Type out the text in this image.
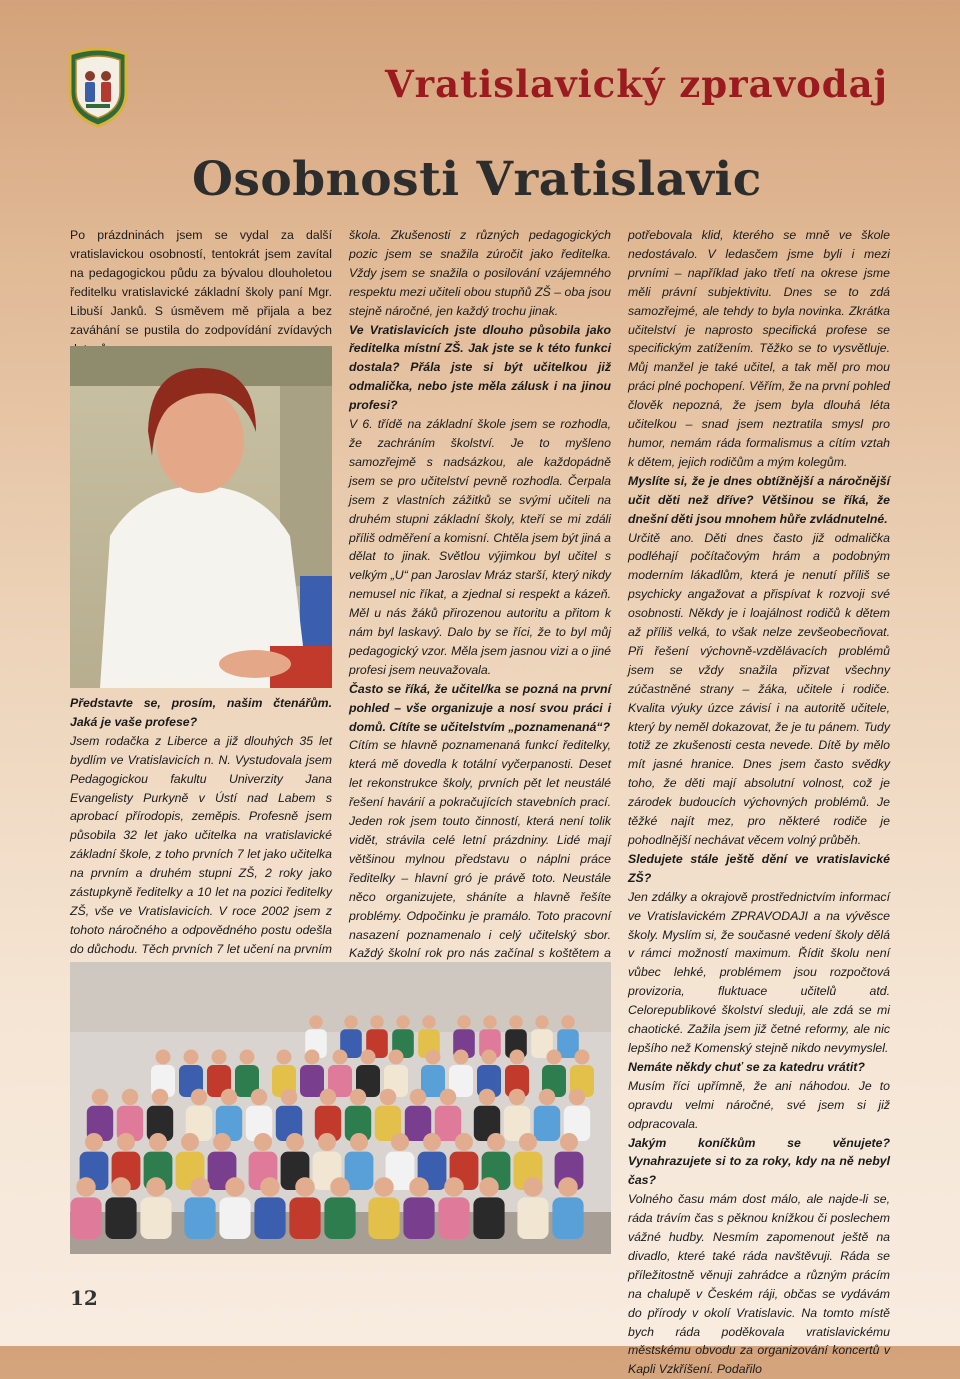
Vratislavický zpravodaj
Osobnosti Vratislavic
Po prázdninách jsem se vydal za další vratislavickou osobností, tentokrát jsem zavítal na pedagogickou půdu za bývalou dlouholetou ředitelku vratislavické základní školy paní Mgr. Libuší Janků. S úsměvem mě přijala a bez zaváhání se pustila do zodpovídání zvídavých

Představte se, prosím, našim čtenářům. Jaká je vaše profese?

Jsem rodačka z Liberce a již dlouhých 35 let bydlím ve Vratislavicích n. N. Vystudovala jsem Pedagogickou fakultu Univerzity Jana Evangelisty Purkyně v Ústí nad Labem s aprobací přírodopis, zeměpis. Profesně jsem působila 32 let jako učitelka na vratislavické základní škole, z toho prvních 7 let jako učitelka na prvním a druhém stupni ZŠ, 2 roky jako zástupkyně ředitelky a 10 let na pozici ředitelky ZŠ, vše ve Vratislavicích. V roce 2002 jsem z tohoto náročného a odpovědného postu odešla do důchodu. Těch prvních 7 let učení na prvním

škola. Zkušenosti z různých pedagogických pozic jsem se snažila zúročit jako ředitelka. Vždy jsem se snažila o posilování vzájemného respektu mezi učiteli obou stupňů ZŠ – oba jsou stejně náročné, jen každý trochu jinak.

Ve Vratislavicích jste dlouho působila jako ředitelka místní ZŠ. Jak jste se k této funkci dostala? Přála jste si být učitelkou již odmalička, nebo jste měla zálusk i na jinou profesi?

V 6. třídě na základní škole jsem se rozhodla, že zachráním školství. Je to myšleno samozřejmě s nadsázkou, ale každopádně jsem se pro učitelství pevně rozhodla. Čerpala jsem z vlastních zážitků se svými učiteli na druhém stupni základní školy, kteří se mi zdáli příliš odměření a komisní. Chtěla jsem být jiná a dělat to jinak. Světlou výjimkou byl učitel s velkým „U“ pan Jaroslav Mráz starší, který nikdy nemusel nic říkat, a zjednal si respekt a kázeň. Měl u nás žáků přirozenou autoritu a přitom k nám byl laskavý. Dalo by se říci, že to byl můj pedagogický vzor. Měla jsem jasnou vizi a o jiné profesi jsem neuvažovala.

Často se říká, že učitel/ka se pozná na první pohled – vše organizuje a nosí svou práci i domů. Cítíte se učitelstvím „poznamenaná“?

Cítím se hlavně poznamenaná funkcí ředitelky, která mě dovedla k totální vyčerpanosti. Deset let rekonstrukce školy, prvních pět let neustálé řešení havárií a pokračujících stavebních prací. Jeden rok jsem touto činností, která není tolik vidět, strávila celé letní prázdniny. Lidé mají většinou mylnou představu o náplni práce ředitelky – hlavní gró je právě toto. Neustále něco organizujete, sháníte a hlavně řešíte problémy. Odpočinku je pramálo. Toto pracovní nasazení poznamenalo i celý učitelský sbor. Každý školní rok pro nás začínal s koštětem a

potřebovala klid, kterého se mně ve škole nedostávalo. V ledasčem jsme byli i mezi prvními – například jako třetí na okrese jsme měli právní subjektivitu. Dnes se to zdá samozřejmé, ale tehdy to byla novinka. Zkrátka učitelství je naprosto specifická profese se specifickým zatížením. Těžko se to vysvětluje. Můj manžel je také učitel, a tak měl pro mou práci plné pochopení. Věřím, že na první pohled člověk nepozná, že jsem byla dlouhá léta učitelkou – snad jsem neztratila smysl pro humor, nemám ráda formalismus a cítím vztah k dětem, jejich rodičům a mým kolegům.

Myslíte si, že je dnes obtížnější a náročnější učit děti než dříve? Většinou se říká, že dnešní děti jsou mnohem hůře zvládnutelné.

Určitě ano. Děti dnes často již odmalička podléhají počítačovým hrám a podobným moderním lákadlům, která je nenutí příliš se psychicky angažovat a přispívat k rozvoji své osobnosti. Někdy je i loajálnost rodičů k dětem až příliš velká, to však nelze zevšeobecňovat. Při řešení výchovně-vzdělávacích problémů jsem se vždy snažila přizvat všechny zúčastněné strany – žáka, učitele i rodiče. Kvalita výuky úzce závisí i na autoritě učitele, který by neměl dokazovat, že je tu pánem. Tudy totiž ze zkušenosti cesta nevede. Dítě by mělo mít jasné hranice. Dnes jsem často svědky toho, že děti mají absolutní volnost, což je zárodek budoucích výchovných problémů. Je těžké najít mez, pro některé rodiče je pohodlnější nechávat věcem volný průběh.

Sledujete stále ještě dění ve vratislavické ZŠ?

Jen zdálky a okrajově prostřednictvím informací ve Vratislavickém ZPRAVODAJI a na vývěsce školy. Myslím si, že současné vedení školy dělá v rámci možností maximum. Řídit školu není vůbec lehké, problémem jsou rozpočtová provizoria, fluktuace učitelů atd. Celorepublikové školství sleduji, ale zdá se mi chaotické. Zažila jsem již četné reformy, ale nic lepšího než Komenský stejně nikdo nevymyslel.

Nemáte někdy chuť se za katedru vrátit?

Musím říci upřímně, že ani náhodou. Je to opravdu velmi náročné, své jsem si již odpracovala.

Jakým koníčkům se věnujete? Vynahrazujete si to za roky, kdy na ně nebyl čas?

Volného času mám dost málo, ale najde-li se, ráda trávím čas s pěknou knížkou či poslechem vážné hudby. Nesmím zapomenout ještě na divadlo, které také ráda navštěvuji. Ráda se příležitostně věnuji zahrádce a různým prácím na chalupě v Českém ráji, občas se vydávám do přírody v okolí Vratislavic. Na tomto místě bych ráda poděkovala vratislavickému městskému obvodu za organizování koncertů v Kapli Vzkříšení. Podařilo

12
